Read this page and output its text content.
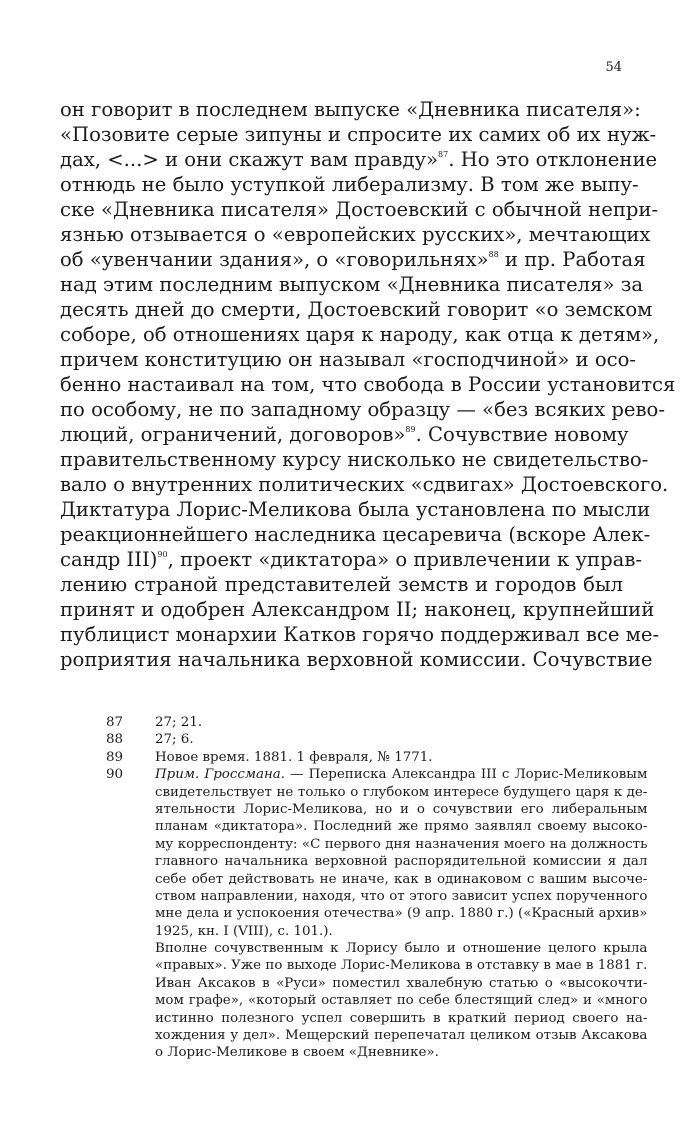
54
он говорит в последнем выпуске «Дневника писателя»:
«Позовите серые зипуны и спросите их самих об их нуж-
дах, <...> и они скажут вам правду»$^{87}$. Но это отклонение
отнюдь не было уступкой либерализму. В том же выпу-
ске «Дневника писателя» Достоевский с обычной непри-
язнью отзывается о «европейских русских», мечтающих
об «увенчании здания», о «говорильнях»$^{88}$ и пр. Работая
над этим последним выпуском «Дневника писателя» за
десять дней до смерти, Достоевский говорит «о земском
соборе, об отношениях царя к народу, как отца к детям»,
причем конституцию он называл «господчиной» и осо-
бенно настаивал на том, что свобода в России установится
по особому, не по западному образцу — «без всяких рево-
люций, ограничений, договоров»$^{89}$. Сочувствие новому
правительственному курсу нисколько не свидетельство-
вало о внутренних политических «сдвигах» Достоевского.
Диктатура Лорис-Меликова была установлена по мысли
реакционнейшего наследника цесаревича (вскоре Алек-
сандр III)$^{90}$, проект «диктатора» о привлечении к управ-
лению страной представителей земств и городов был
принят и одобрен Александром II; наконец, крупнейший
публицист монархии Катков горячо поддерживал все ме-
роприятия начальника верховной комиссии. Сочувствие
87	27; 21.
88	27; 6.
89	Новое время. 1881. 1 февраля, № 1771.
90	Прим. Гроссмана. — Переписка Александра III с Лорис-Меликовым
свидетельствует не только о глубоком интересе будущего царя к де-
ятельности Лорис-Меликова, но и о сочувствии его либеральным
планам «диктатора». Последний же прямо заявлял своему высоко-
му корреспонденту: «С первого дня назначения моего на должность
главного начальника верховной распорядительной комиссии я дал
себе обет действовать не иначе, как в одинаковом с вашим высоче-
ством направлении, находя, что от этого зависит успех порученного
мне дела и успокоения отечества» (9 апр. 1880 г.) («Красный архив»
1925, кн. I (VIII), с. 101.).
Вполне сочувственным к Лорису было и отношение целого крыла
«правых». Уже по выходе Лорис-Меликова в отставку в мае в 1881 г.
Иван Аксаков в «Руси» поместил хвалебную статью о «высокочти-
мом графе», «который оставляет по себе блестящий след» и «много
истинно полезного успел совершить в краткий период своего на-
хождения у дел». Мещерский перепечатал целиком отзыв Аксакова
о Лорис-Меликове в своем «Дневнике».
